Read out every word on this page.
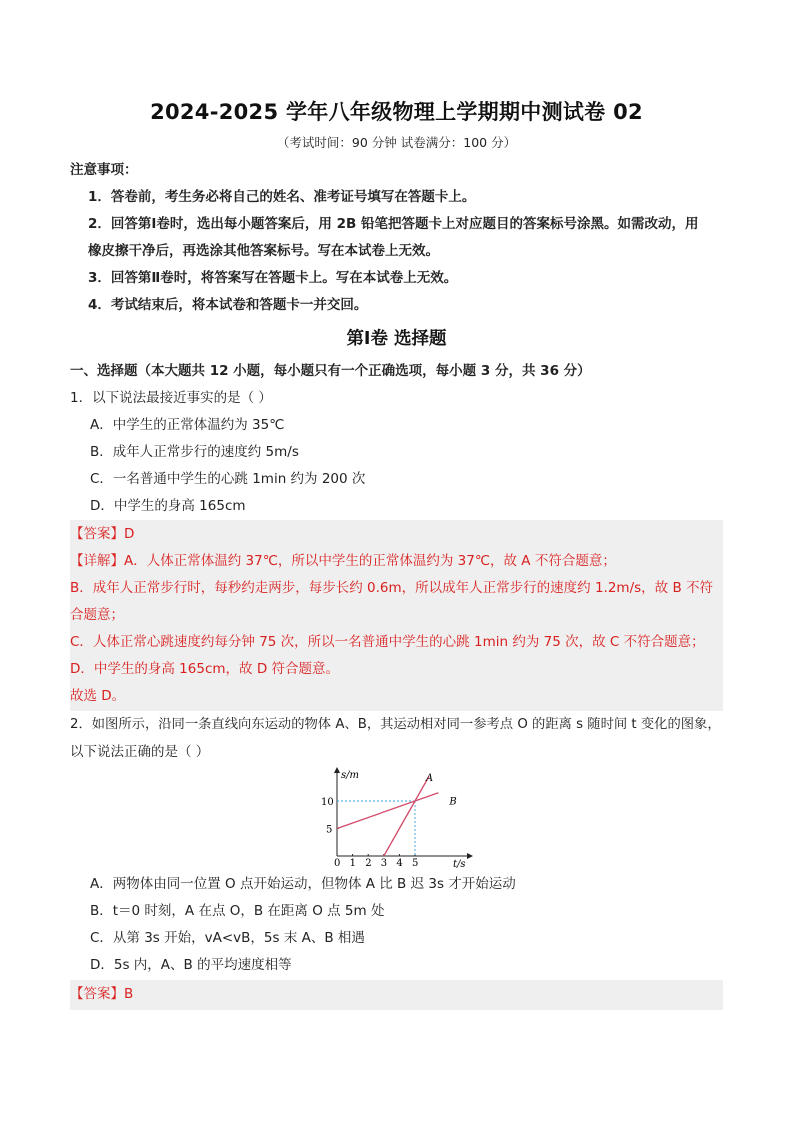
2024-2025 学年八年级物理上学期期中测试卷 02
（考试时间：90 分钟 试卷满分：100 分）
注意事项：
1．答卷前，考生务必将自己的姓名、准考证号填写在答题卡上。
2．回答第Ⅰ卷时，选出每小题答案后，用 2B 铅笔把答题卡上对应题目的答案标号涂黑。如需改动，用
橡皮擦干净后，再选涂其他答案标号。写在本试卷上无效。
3．回答第Ⅱ卷时，将答案写在答题卡上。写在本试卷上无效。
4．考试结束后，将本试卷和答题卡一并交回。
第Ⅰ卷 选择题
一、选择题（本大题共 12 小题，每小题只有一个正确选项，每小题 3 分，共 36 分）
1．以下说法最接近事实的是（ ）
A．中学生的正常体温约为 35℃
B．成年人正常步行的速度约 5m/s
C．一名普通中学生的心跳 1min 约为 200 次
D．中学生的身高 165cm
【答案】D
【详解】A．人体正常体温约 37℃，所以中学生的正常体温约为 37℃，故 A 不符合题意；
B．成年人正常步行时，每秒约走两步，每步长约 0.6m，所以成年人正常步行的速度约 1.2m/s，故 B 不符
合题意；
C．人体正常心跳速度约每分钟 75 次，所以一名普通中学生的心跳 1min 约为 75 次，故 C 不符合题意；
D．中学生的身高 165cm，故 D 符合题意。
故选 D。
2．如图所示，沿同一条直线向东运动的物体 A、B，其运动相对同一参考点 O 的距离 s 随时间 t 变化的图象，
以下说法正确的是（ ）
s/m
t/s
0 1 2 3 4 5
5
10
A
B
A．两物体由同一位置 O 点开始运动，但物体 A 比 B 迟 3s 才开始运动
B．t＝0 时刻，A 在点 O，B 在距离 O 点 5m 处
C．从第 3s 开始，vA<vB，5s 末 A、B 相遇
D．5s 内，A、B 的平均速度相等
【答案】B
